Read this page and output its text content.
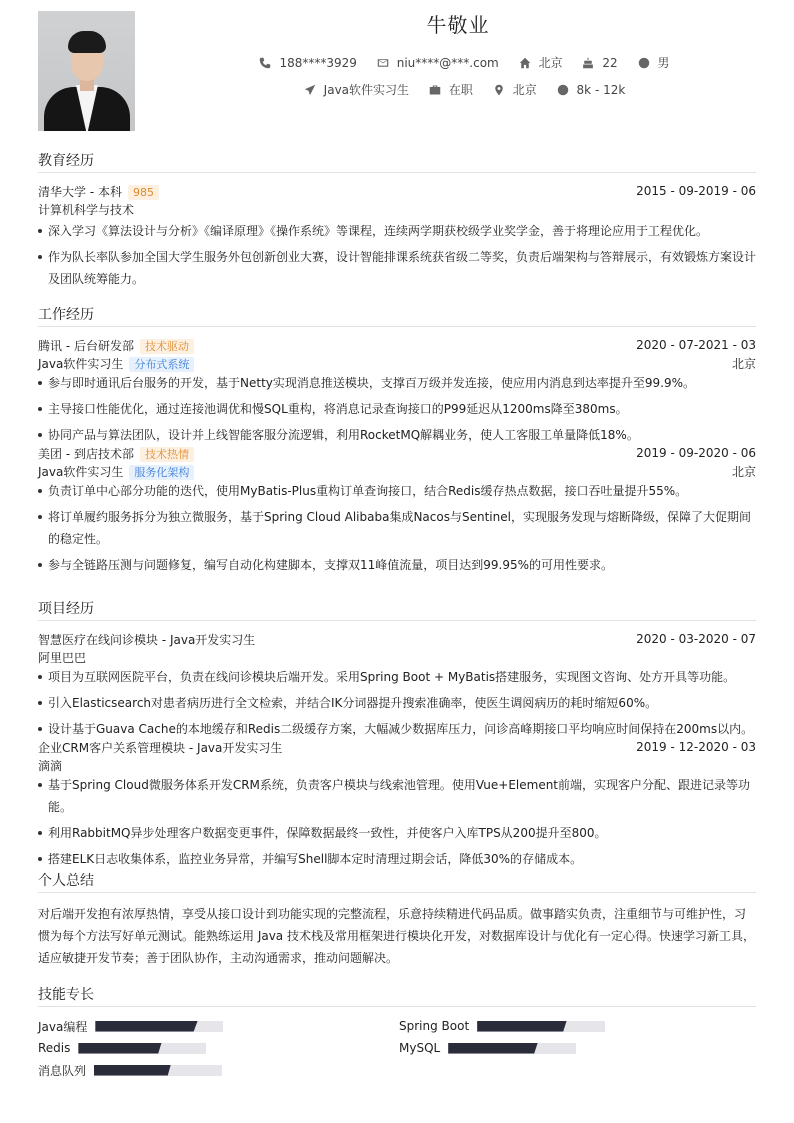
牛敬业
188****3929
	niu****@***.com
	北京
	22
	男
Java软件实习生
	在职
	北京
	8k - 12k
教育经历
清华大学 - 本科 985	2015 - 09-2019 - 06
计算机科学与技术
深入学习《算法设计与分析》《编译原理》《操作系统》等课程，连续两学期获校级学业奖学金，善于将理论应用于工程优化。
作为队长率队参加全国大学生服务外包创新创业大赛，设计智能排课系统获省级二等奖，负责后端架构与答辩展示，有效锻炼方案设计及团队统筹能力。
工作经历
腾讯 - 后台研发部 技术驱动	2020 - 07-2021 - 03
Java软件实习生 分布式系统	北京
参与即时通讯后台服务的开发，基于Netty实现消息推送模块，支撑百万级并发连接，使应用内消息到达率提升至99.9%。
主导接口性能优化，通过连接池调优和慢SQL重构，将消息记录查询接口的P99延迟从1200ms降至380ms。
协同产品与算法团队，设计并上线智能客服分流逻辑，利用RocketMQ解耦业务，使人工客服工单量降低18%。
美团 - 到店技术部 技术热情	2019 - 09-2020 - 06
Java软件实习生 服务化架构	北京
负责订单中心部分功能的迭代，使用MyBatis-Plus重构订单查询接口，结合Redis缓存热点数据，接口吞吐量提升55%。
将订单履约服务拆分为独立微服务，基于Spring Cloud Alibaba集成Nacos与Sentinel，实现服务发现与熔断降级，保障了大促期间的稳定性。
参与全链路压测与问题修复，编写自动化构建脚本，支撑双11峰值流量，项目达到99.95%的可用性要求。
项目经历
智慧医疗在线问诊模块 - Java开发实习生	2020 - 03-2020 - 07
阿里巴巴
项目为互联网医院平台，负责在线问诊模块后端开发。采用Spring Boot + MyBatis搭建服务，实现图文咨询、处方开具等功能。
引入Elasticsearch对患者病历进行全文检索，并结合IK分词器提升搜索准确率，使医生调阅病历的耗时缩短60%。
设计基于Guava Cache的本地缓存和Redis二级缓存方案，大幅减少数据库压力，问诊高峰期接口平均响应时间保持在200ms以内。
企业CRM客户关系管理模块 - Java开发实习生	2019 - 12-2020 - 03
滴滴
基于Spring Cloud微服务体系开发CRM系统，负责客户模块与线索池管理。使用Vue+Element前端，实现客户分配、跟进记录等功能。
利用RabbitMQ异步处理客户数据变更事件，保障数据最终一致性，并使客户入库TPS从200提升至800。
搭建ELK日志收集体系，监控业务异常，并编写Shell脚本定时清理过期会话，降低30%的存储成本。
个人总结
对后端开发抱有浓厚热情，享受从接口设计到功能实现的完整流程，乐意持续精进代码品质。做事踏实负责，注重细节与可维护性，习惯为每个方法写好单元测试。能熟练运用 Java 技术栈及常用框架进行模块化开发，对数据库设计与优化有一定心得。快速学习新工具，适应敏捷开发节奏；善于团队协作，主动沟通需求，推动问题解决。
技能专长
Java编程	Spring Boot
Redis	MySQL
消息队列
